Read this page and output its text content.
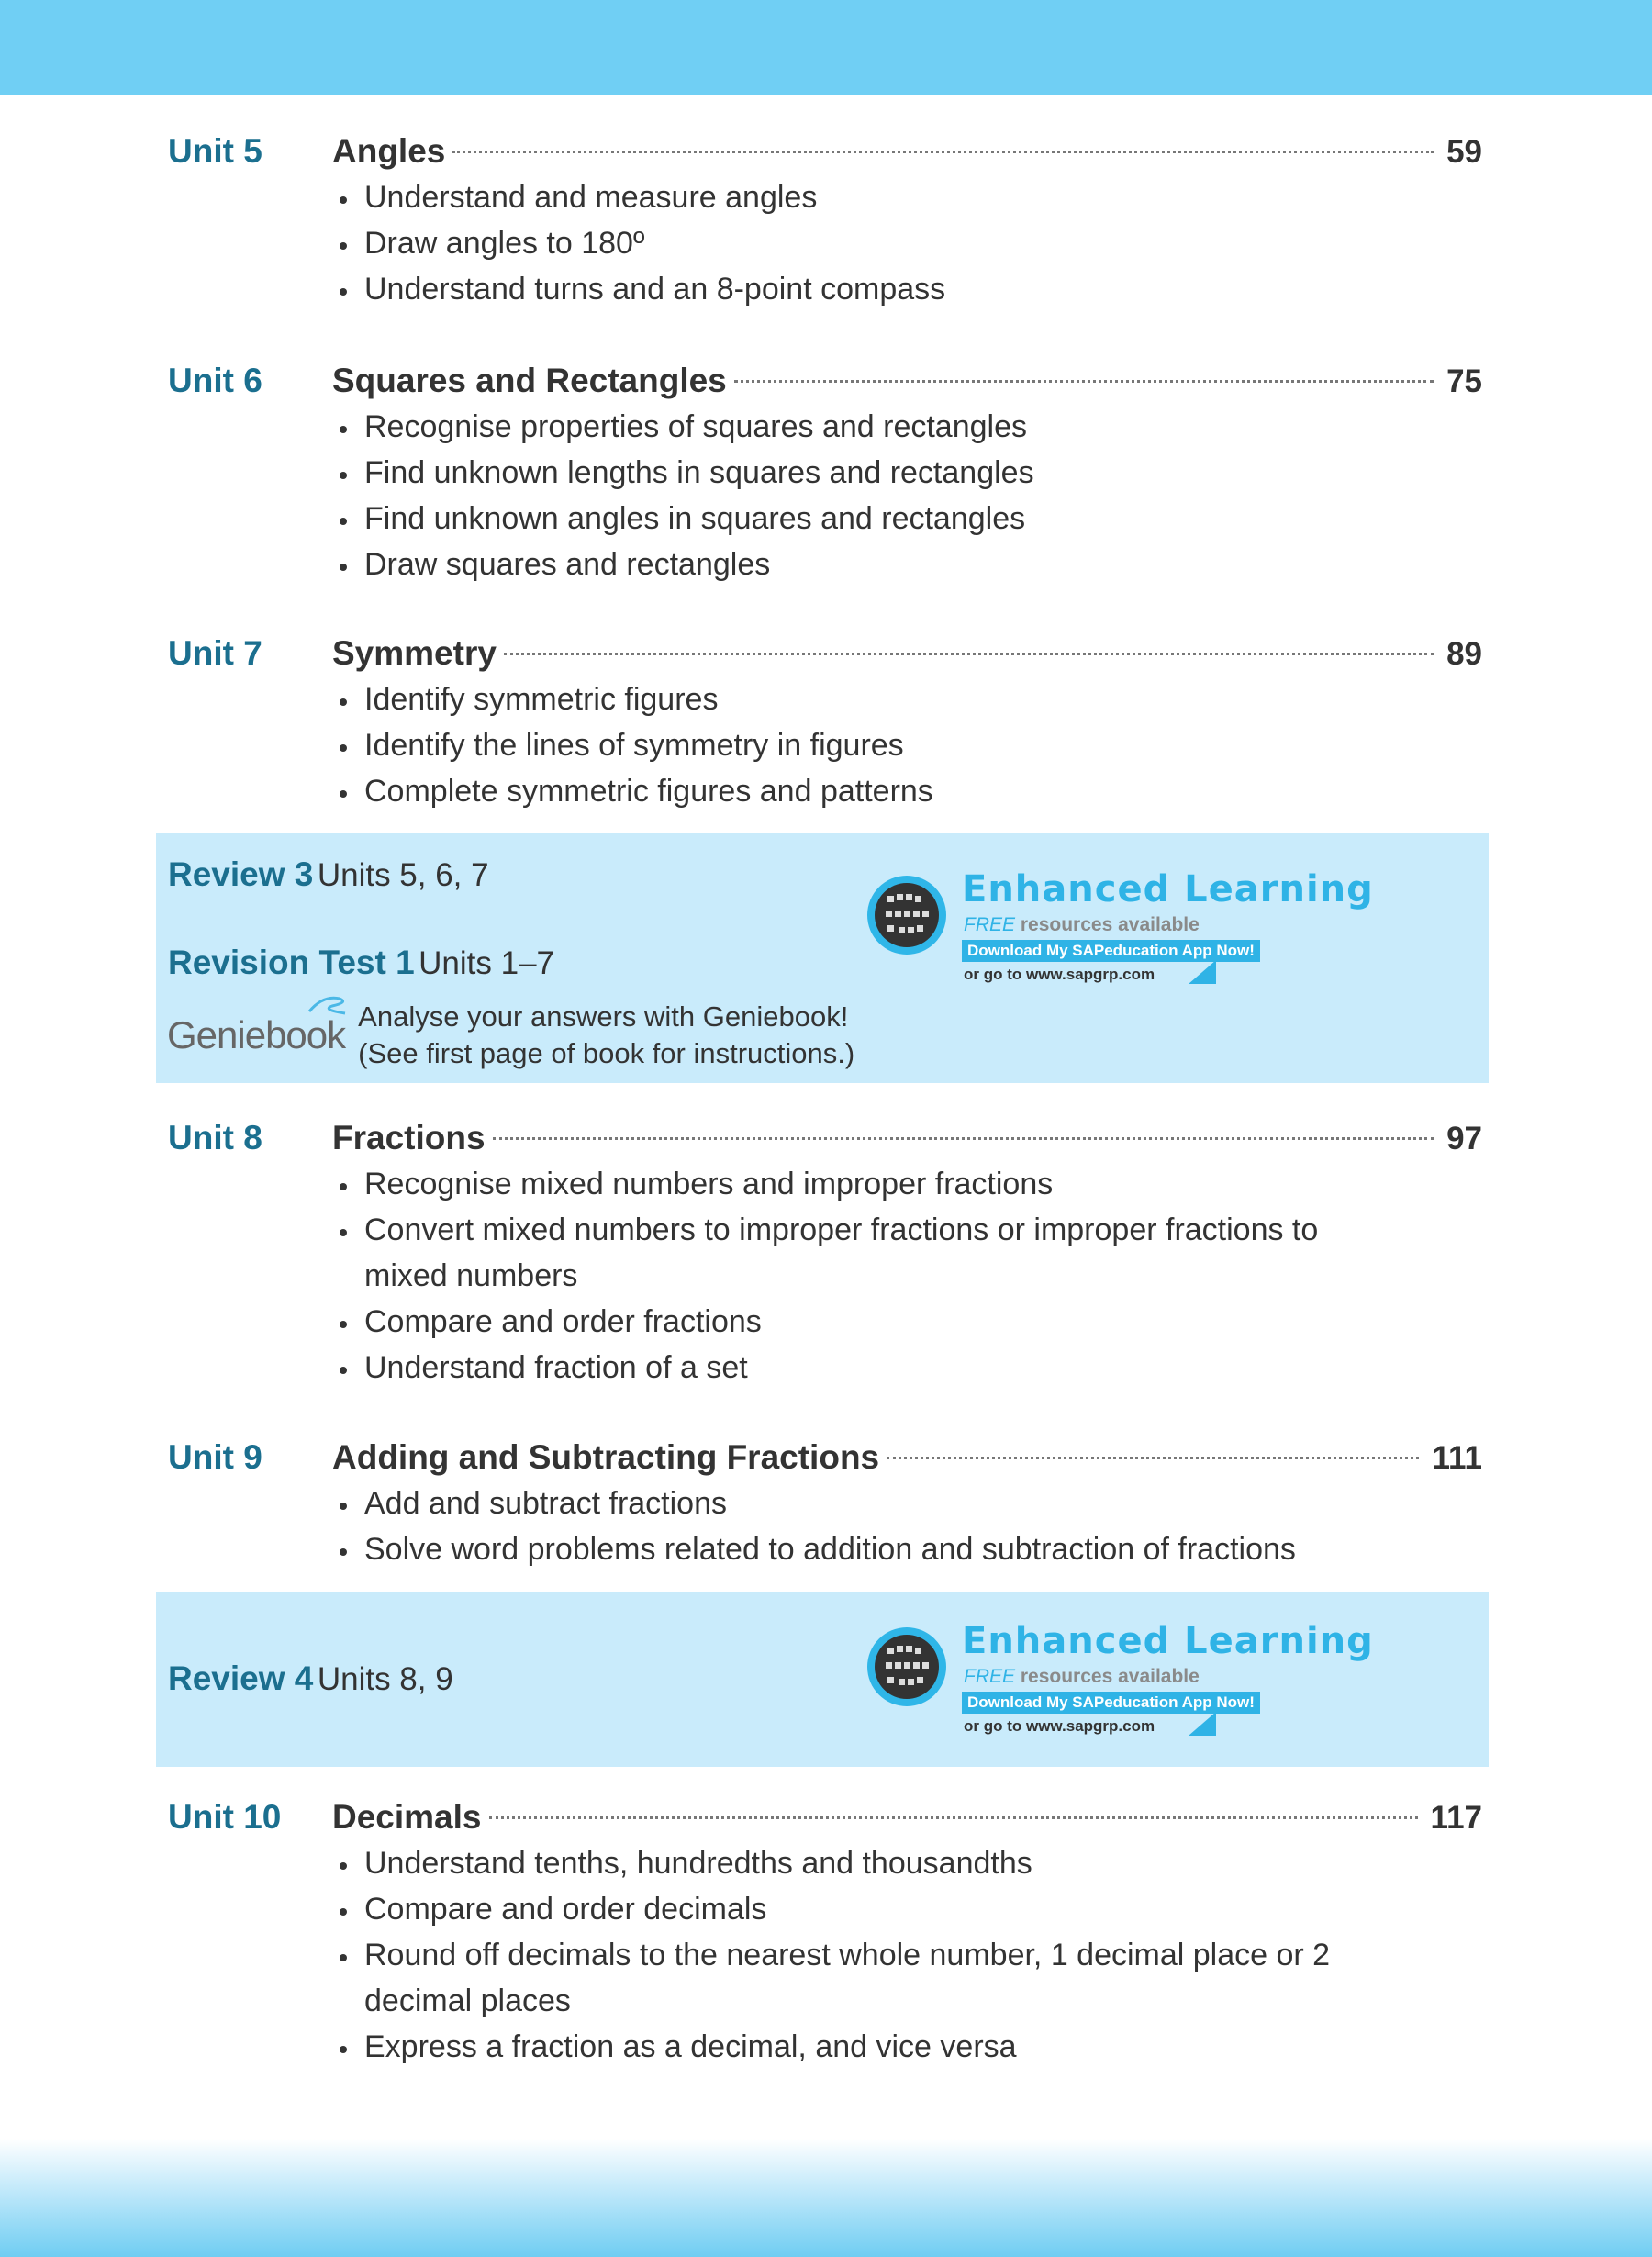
Unit 5	Angles	59
Understand and measure angles
Draw angles to 180º
Understand turns and an 8-point compass
Unit 6	Squares and Rectangles	75
Recognise properties of squares and rectangles
Find unknown lengths in squares and rectangles
Find unknown angles in squares and rectangles
Draw squares and rectangles
Unit 7	Symmetry	89
Identify symmetric figures
Identify the lines of symmetry in figures
Complete symmetric figures and patterns
Review 3 Units 5, 6, 7
Revision Test 1 Units 1–7
Geniebook Analyse your answers with Geniebook!
(See first page of book for instructions.)
Enhanced Learning
FREE resources available
Download My SAPeducation App Now!
or go to www.sapgrp.com
Unit 8	Fractions	97
Recognise mixed numbers and improper fractions
Convert mixed numbers to improper fractions or improper fractions to mixed numbers
Compare and order fractions
Understand fraction of a set
Unit 9	Adding and Subtracting Fractions	111
Add and subtract fractions
Solve word problems related to addition and subtraction of fractions
Review 4 Units 8, 9
Enhanced Learning
FREE resources available
Download My SAPeducation App Now!
or go to www.sapgrp.com
Unit 10	Decimals	117
Understand tenths, hundredths and thousandths
Compare and order decimals
Round off decimals to the nearest whole number, 1 decimal place or 2 decimal places
Express a fraction as a decimal, and vice versa
